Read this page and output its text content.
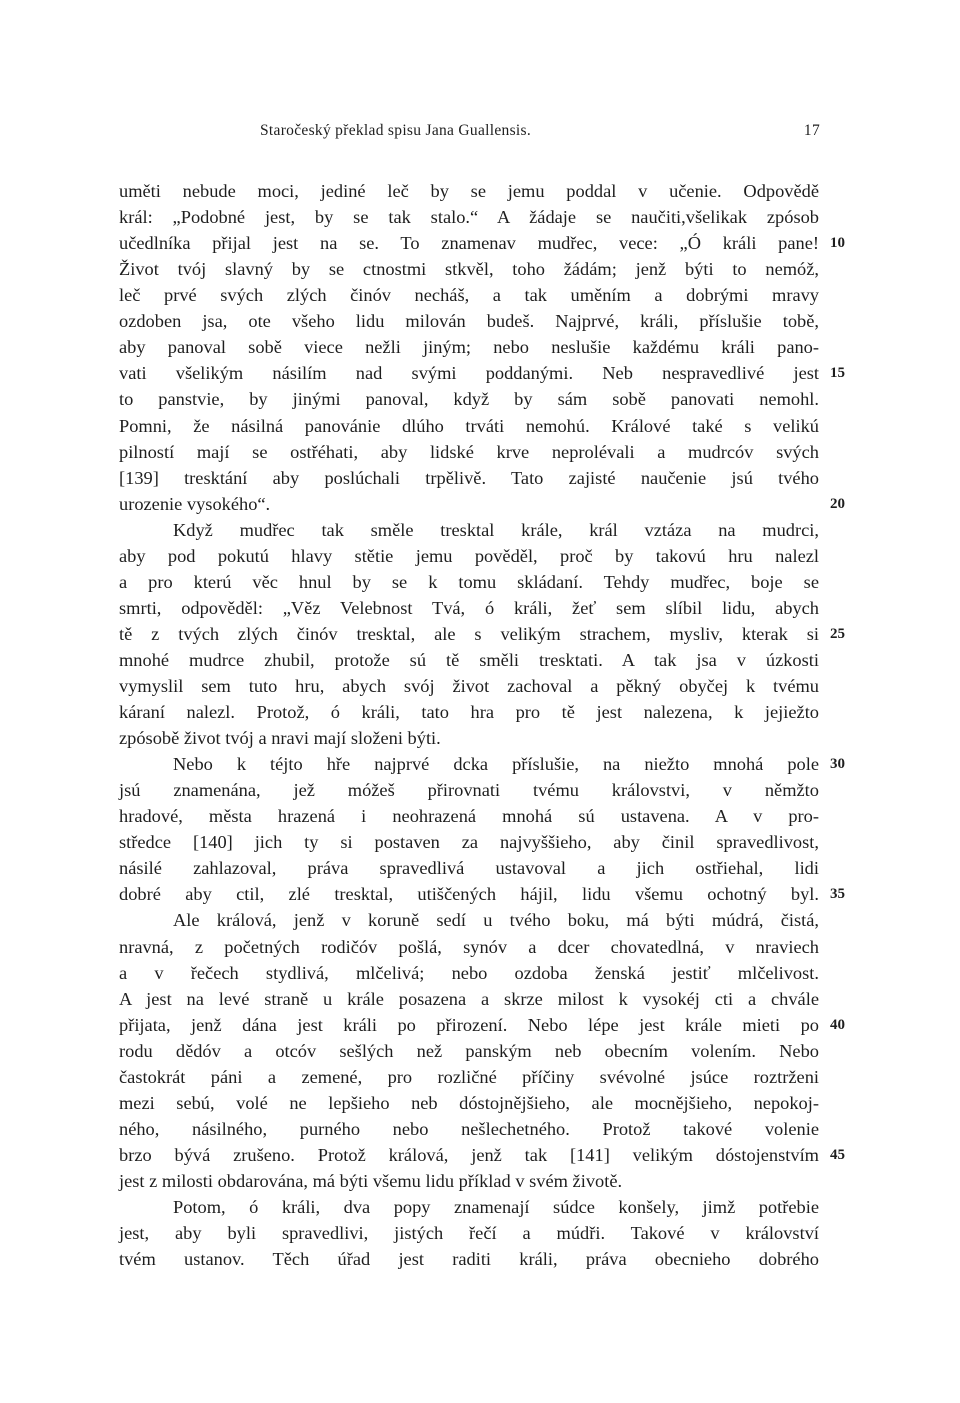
Staročeský překlad spisu Jana Guallensis.	17
uměti nebude moci, jediné leč by se jemu poddal v učenie. Odpovědě
král: „Podobné jest, by se tak stalo.“ A žádaje se naučiti,všelikak zpósob
učedlníka přijal jest na se. To znamenav mudřec, vece: „Ó králi pane! 10
Život tvój slavný by se ctnostmi stkvěl, toho žádám; jenž býti to nemóž,
leč prvé svých zlých činóv necháš, a tak uměním a dobrými mravy
ozdoben jsa, ote všeho lidu milován budeš. Najprvé, králi, příslušie tobě,
aby panoval sobě viece nežli jiným; nebo neslušie každému králi pano-
vati všelikým násilím nad svými poddanými. Neb nespravedlivé jest 15
to panstvie, by jinými panoval, když by sám sobě panovati nemohl.
Pomni, že násilná panovánie dlúho trváti nemohú. Králové také s velikú
pilností mají se ostřéhati, aby lidské krve neprolévali a mudrcóv svých
[139] tresktání aby poslúchali trpělivě. Tato zajisté naučenie jsú tvého
urozenie vysokého“.	20
Když mudřec tak směle tresktal krále, král vztáza na mudrci,
aby pod pokutú hlavy stětie jemu pověděl, proč by takovú hru nalezl
a pro kterú věc hnul by se k tomu skládaní. Tehdy mudřec, boje se
smrti, odpověděl: „Věz Velebnost Tvá, ó králi, žeť sem slíbil lidu, abych
tě z tvých zlých činóv tresktal, ale s velikým strachem, mysliv, kterak si 25
mnohé mudrce zhubil, protože sú tě směli tresktati. A tak jsa v úzkosti
vymyslil sem tuto hru, abych svój život zachoval a pěkný obyčej k tvému
káraní nalezl. Protož, ó králi, tato hra pro tě jest nalezena, k jejiežto
zpósobě život tvój a nravi mají složeni býti.
Nebo k téjto hře najprvé dcka příslušie, na niežto mnohá pole 30
jsú znamenána, jež móžeš přirovnati tvému královstvi, v němžto
hradové, města hrazená i neohrazená mnohá sú ustavena. A v pro-
středce [140] jich ty si postaven za najvyššieho, aby činil spravedlivost,
násilé zahlazoval, práva spravedlivá ustavoval a jich ostřiehal, lidi
dobré aby ctil, zlé tresktal, utiščených hájil, lidu všemu ochotný byl. 35
Ale králová, jenž v koruně sedí u tvého boku, má býti múdrá, čistá,
nravná, z početných rodičóv pošlá, synóv a dcer chovatedlná, v nraviech
a v řečech stydlivá, mlčelivá; nebo ozdoba ženská jestiť mlčelivost.
A jest na levé straně u krále posazena a skrze milost k vysokéj cti a chvále
přijata, jenž dána jest králi po přirození. Nebo lépe jest krále mieti po 40
rodu dědóv a otcóv sešlých než panským neb obecním volením. Nebo
častokrát páni a zemené, pro rozličné příčiny svévolné jsúce roztrženi
mezi sebú, volé ne lepšieho neb dóstojnějšieho, ale mocnějšieho, nepokoj-
ného, násilného, purného nebo nešlechetného. Protož takové volenie
brzo bývá zrušeno. Protož králová, jenž tak [141] velikým dóstojenstvím 45
jest z milosti obdarována, má býti všemu lidu příklad v svém životě.
Potom, ó králi, dva popy znamenají súdce konšely, jimž potřebie
jest, aby byli spravedlivi, jistých řečí a múdři. Takové v království
tvém ustanov. Těch úřad jest raditi králi, práva obecnieho dobrého
